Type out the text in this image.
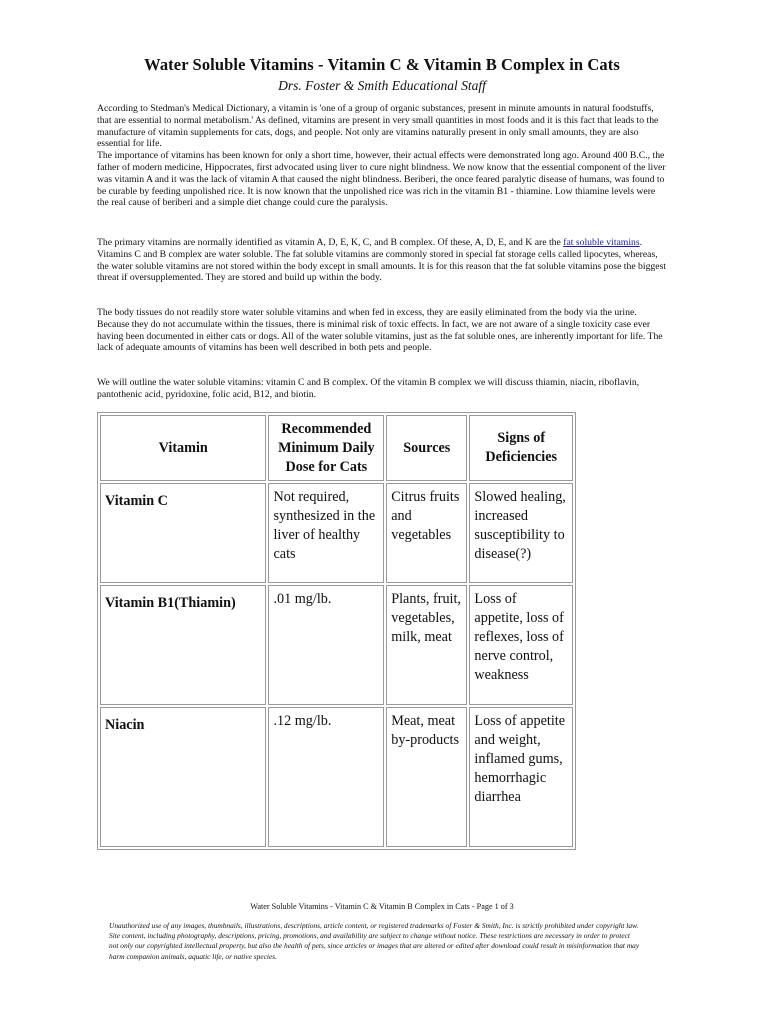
Water Soluble Vitamins - Vitamin C & Vitamin B Complex in Cats
Drs. Foster & Smith Educational Staff

According to Stedman's Medical Dictionary, a vitamin is 'one of a group of organic substances, present in minute amounts in natural foodstuffs, that are essential to normal metabolism.' As defined, vitamins are present in very small quantities in most foods and it is this fact that leads to the manufacture of vitamin supplements for cats, dogs, and people. Not only are vitamins naturally present in only small amounts, they are also essential for life.

The importance of vitamins has been known for only a short time, however, their actual effects were demonstrated long ago. Around 400 B.C., the father of modern medicine, Hippocrates, first advocated using liver to cure night blindness. We now know that the essential component of the liver was vitamin A and it was the lack of vitamin A that caused the night blindness. Beriberi, the once feared paralytic disease of humans, was found to be curable by feeding unpolished rice. It is now known that the unpolished rice was rich in the vitamin B1 - thiamine. Low thiamine levels were the real cause of beriberi and a simple diet change could cure the paralysis.

The primary vitamins are normally identified as vitamin A, D, E, K, C, and B complex. Of these, A, D, E, and K are the fat soluble vitamins. Vitamins C and B complex are water soluble. The fat soluble vitamins are commonly stored in special fat storage cells called lipocytes, whereas, the water soluble vitamins are not stored within the body except in small amounts. It is for this reason that the fat soluble vitamins pose the biggest threat if oversupplemented. They are stored and build up within the body.
The body tissues do not readily store water soluble vitamins and when fed in excess, they are easily eliminated from the body via the urine. Because they do not accumulate within the tissues, there is minimal risk of toxic effects. In fact, we are not aware of a single toxicity case ever having been documented in either cats or dogs. All of the water soluble vitamins, just as the fat soluble ones, are inherently important for life. The lack of adequate amounts of vitamins has been well described in both pets and people.
We will outline the water soluble vitamins: vitamin C and B complex. Of the vitamin B complex we will discuss thiamin, niacin, riboflavin, pantothenic acid, pyridoxine, folic acid, B12, and biotin.
Vitamin	Recommended Minimum Daily Dose for Cats	Sources	Signs of Deficiencies
Vitamin C	Not required, synthesized in the liver of healthy cats	Citrus fruits and vegetables	Slowed healing, increased susceptibility to disease(?)
Vitamin B1(Thiamin)	.01 mg/lb.	Plants, fruit, vegetables, milk, meat	Loss of appetite, loss of reflexes, loss of nerve control, weakness
Niacin	.12 mg/lb.	Meat, meat by-products	Loss of appetite and weight, inflamed gums, hemorrhagic diarrhea
Water Soluble Vitamins - Vitamin C & Vitamin B Complex in Cats - Page 1 of 3
Unauthorized use of any images, thumbnails, illustrations, descriptions, article content, or registered trademarks of Foster & Smith, Inc. is strictly prohibited under copyright law. Site content, including photography, descriptions, pricing, promotions, and availability are subject to change without notice. These restrictions are necessary in order to protect not only our copyrighted intellectual property, but also the health of pets, since articles or images that are altered or edited after download could result in misinformation that may harm companion animals, aquatic life, or native species.
